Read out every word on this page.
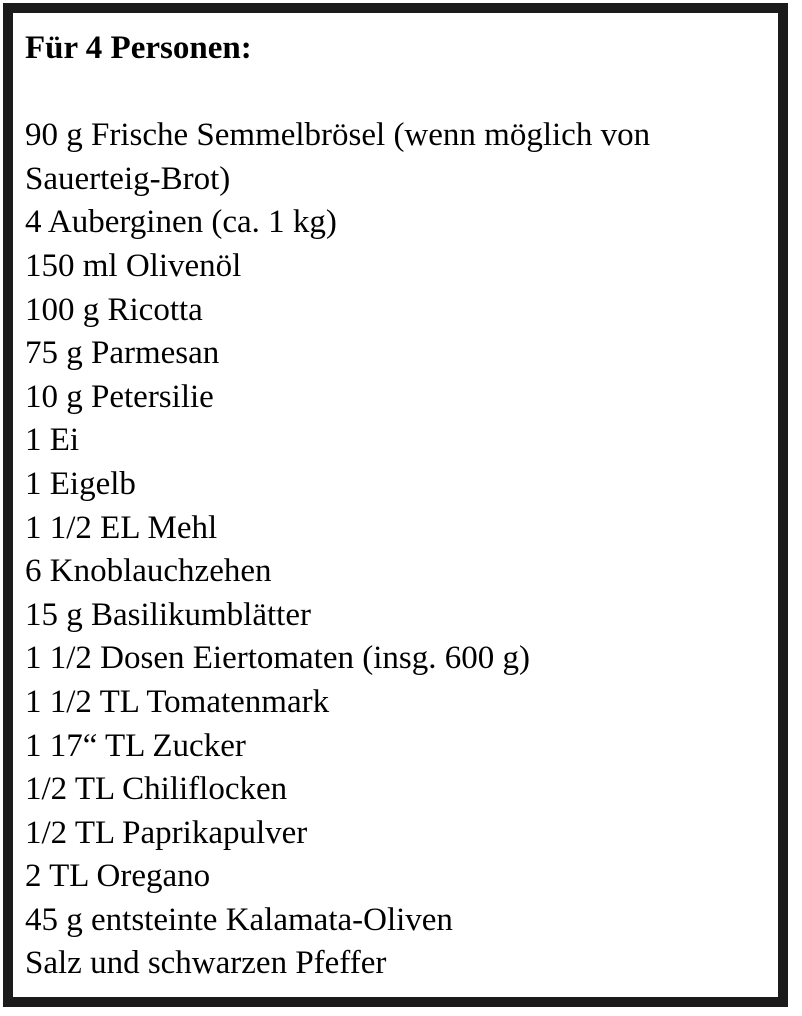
Für 4 Personen:
90 g Frische Semmelbrösel (wenn möglich von
Sauerteig-Brot)
4 Auberginen (ca. 1 kg)
150 ml Olivenöl
100 g Ricotta
75 g Parmesan
10 g Petersilie
1 Ei
1 Eigelb
1 1/2 EL Mehl
6 Knoblauchzehen
15 g Basilikumblätter
1 1/2 Dosen Eiertomaten (insg. 600 g)
1 1/2 TL Tomatenmark
1 17“ TL Zucker
1/2 TL Chiliflocken
1/2 TL Paprikapulver
2 TL Oregano
45 g entsteinte Kalamata-Oliven
Salz und schwarzen Pfeffer
